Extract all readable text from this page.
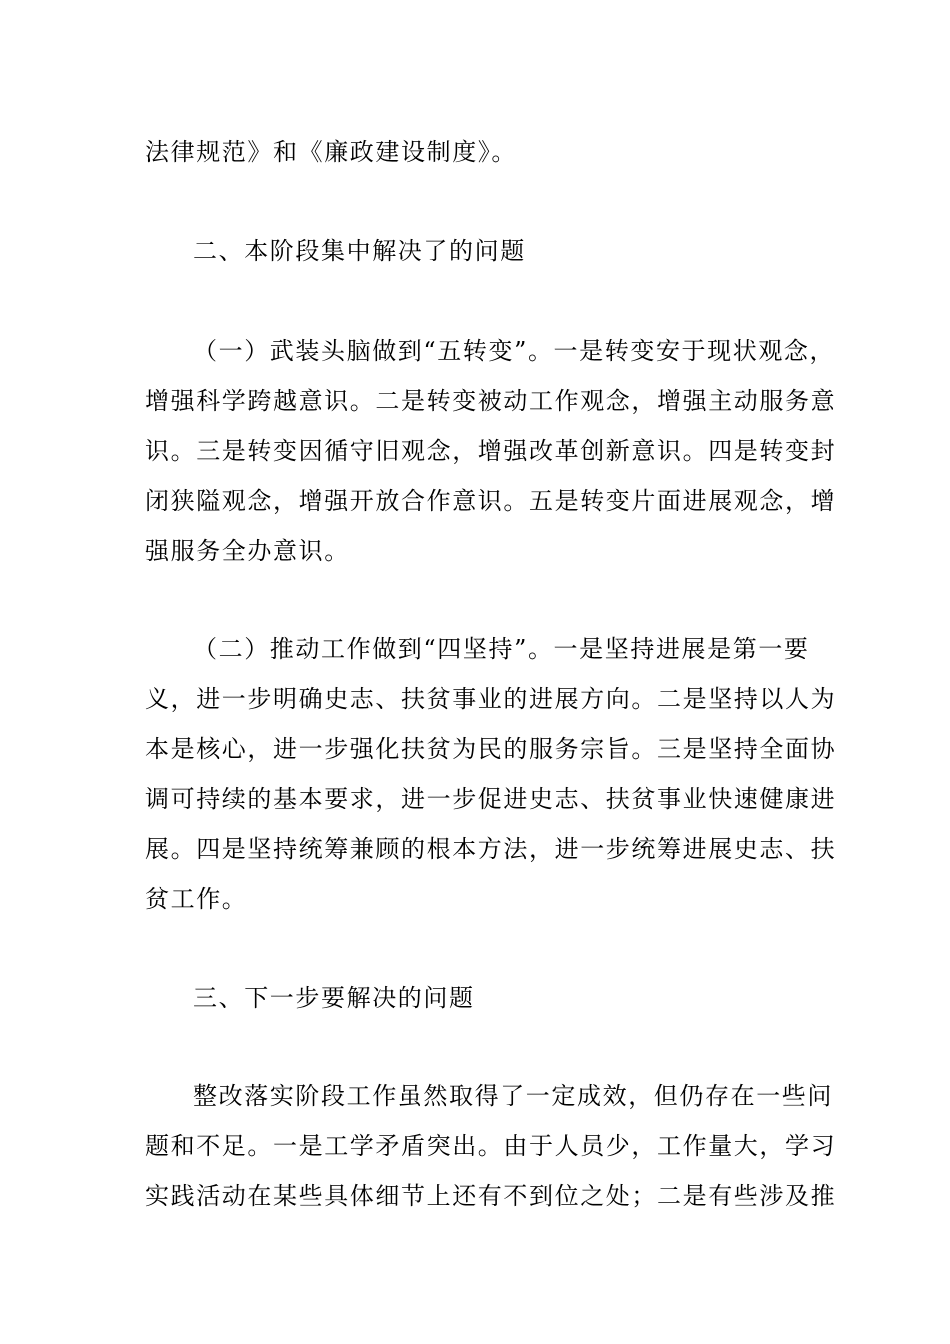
法律规范》和《廉政建设制度》。
二、本阶段集中解决了的问题
（一）武装头脑做到“五转变”。一是转变安于现状观念，
增强科学跨越意识。二是转变被动工作观念，增强主动服务意
识。三是转变因循守旧观念，增强改革创新意识。四是转变封
闭狭隘观念，增强开放合作意识。五是转变片面进展观念，增
强服务全办意识。
（二）推动工作做到“四坚持”。一是坚持进展是第一要
义，进一步明确史志、扶贫事业的进展方向。二是坚持以人为
本是核心，进一步强化扶贫为民的服务宗旨。三是坚持全面协
调可持续的基本要求，进一步促进史志、扶贫事业快速健康进
展。四是坚持统筹兼顾的根本方法，进一步统筹进展史志、扶
贫工作。
三、下一步要解决的问题
整改落实阶段工作虽然取得了一定成效，但仍存在一些问
题和不足。一是工学矛盾突出。由于人员少，工作量大，学习
实践活动在某些具体细节上还有不到位之处；二是有些涉及推
